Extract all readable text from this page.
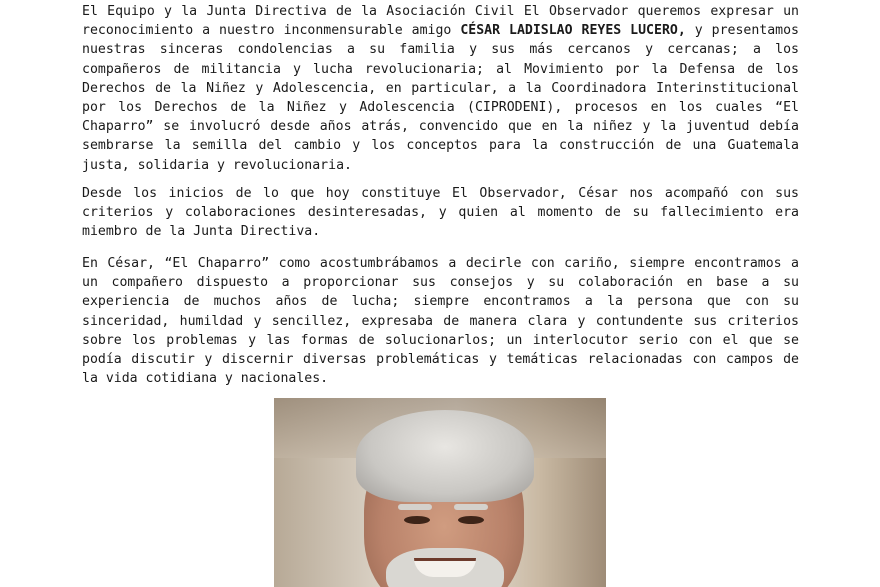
El Equipo y la Junta Directiva de la Asociación Civil El Observador queremos expresar un reconocimiento a nuestro inconmensurable amigo CÉSAR LADISLAO REYES LUCERO, y presentamos nuestras sinceras condolencias a su familia y sus más cercanos y cercanas; a los compañeros de militancia y lucha revolucionaria; al Movimiento por la Defensa de los Derechos de la Niñez y Adolescencia, en particular, a la Coordinadora Interinstitucional por los Derechos de la Niñez y Adolescencia (CIPRODENI), procesos en los cuales “El Chaparro” se involucró desde años atrás, convencido que en la niñez y la juventud debía sembrarse la semilla del cambio y los conceptos para la construcción de una Guatemala justa, solidaria y revolucionaria.

Desde los inicios de lo que hoy constituye El Observador, César nos acompañó con sus criterios y colaboraciones desinteresadas, y quien al momento de su fallecimiento era miembro de la Junta Directiva.

En César, “El Chaparro” como acostumbrábamos a decirle con cariño, siempre encontramos a un compañero dispuesto a proporcionar sus consejos y su colaboración en base a su experiencia de muchos años de lucha; siempre encontramos a la persona que con su sinceridad, humildad y sencillez, expresaba de manera clara y contundente sus criterios sobre los problemas y las formas de solucionarlos; un interlocutor serio con el que se podía discutir y discernir diversas problemáticas y temáticas relacionadas con campos de la vida cotidiana y nacionales.
